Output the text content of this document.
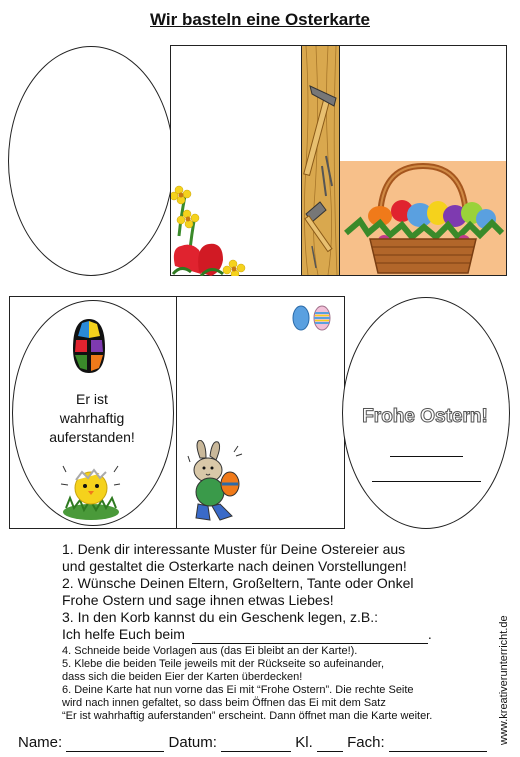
Wir basteln eine Osterkarte
Er ist
wahrhaftig
auferstanden!
Frohe Ostern!
1. Denk dir interessante Muster für Deine Ostereier aus
und gestaltet die Osterkarte nach deinen Vorstellungen!
2. Wünsche Deinen Eltern, Großeltern, Tante oder Onkel
Frohe Ostern und sage ihnen etwas Liebes!
3. In den Korb kannst du ein Geschenk legen, z.B.:
Ich helfe Euch beim	.
4. Schneide beide Vorlagen aus (das Ei bleibt an der Karte!).
5. Klebe die beiden Teile jeweils mit der Rückseite so aufeinander,
dass sich die beiden Eier der Karten überdecken!
6. Deine Karte hat nun vorne das Ei mit “Frohe Ostern”. Die rechte Seite
wird nach innen gefaltet, so dass beim Öffnen das Ei mit dem Satz
“Er ist wahrhaftig auferstanden” erscheint. Dann öffnet man die Karte weiter.
Name:	Datum:	Kl. Fach:	www.kreativerunterricht.de
